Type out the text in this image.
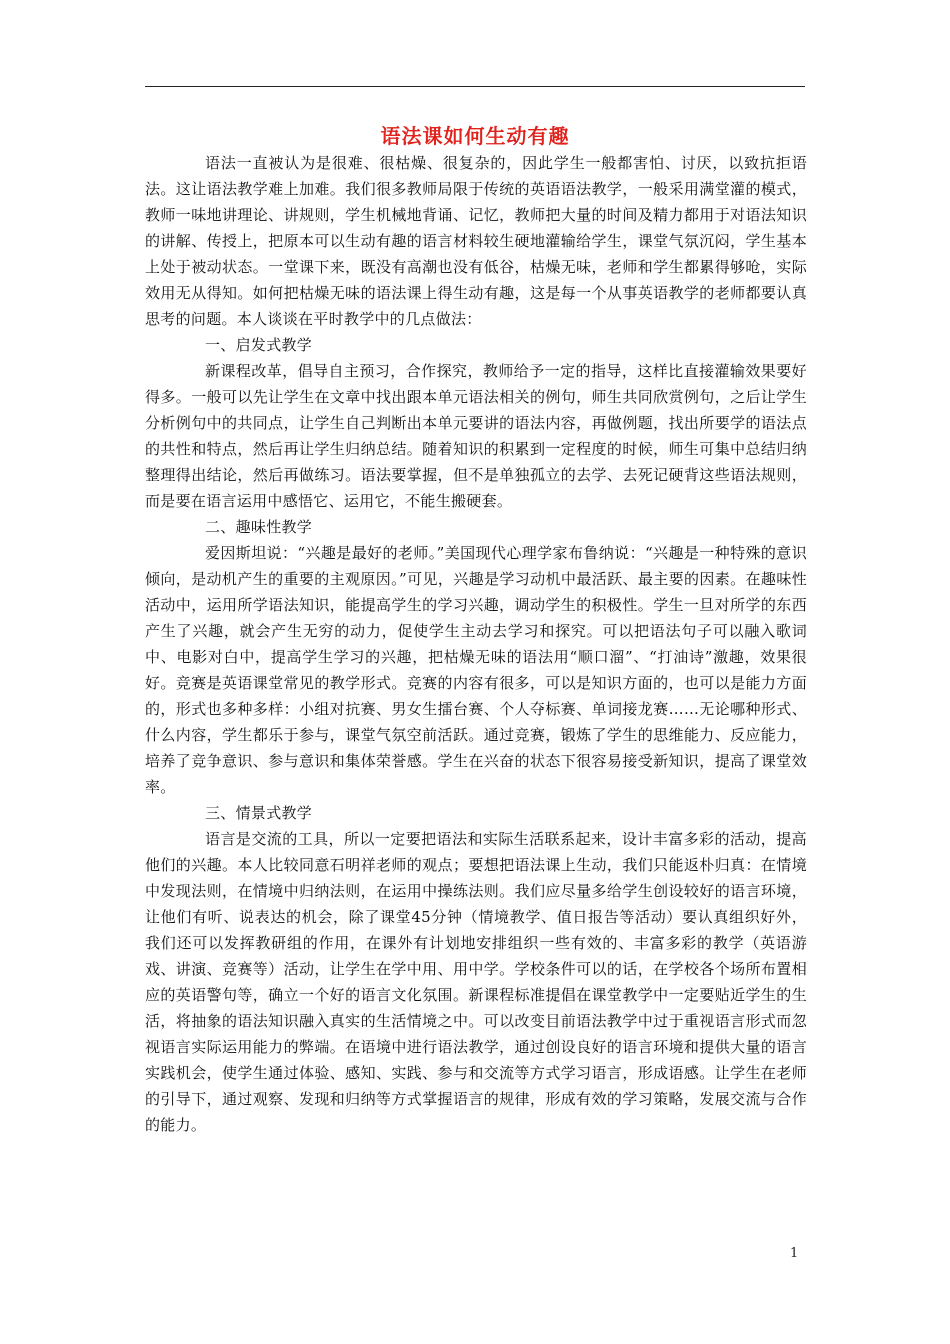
语法课如何生动有趣

语法一直被认为是很难、很枯燥、很复杂的，因此学生一般都害怕、讨厌，以致抗拒语法。这让语法教学难上加难。我们很多教师局限于传统的英语语法教学，一般采用满堂灌的模式，教师一味地讲理论、讲规则，学生机械地背诵、记忆，教师把大量的时间及精力都用于对语法知识的讲解、传授上，把原本可以生动有趣的语言材料较生硬地灌输给学生，课堂气氛沉闷，学生基本上处于被动状态。一堂课下来，既没有高潮也没有低谷，枯燥无味，老师和学生都累得够呛，实际效用无从得知。如何把枯燥无味的语法课上得生动有趣，这是每一个从事英语教学的老师都要认真思考的问题。本人谈谈在平时教学中的几点做法：

一、启发式教学

新课程改革，倡导自主预习，合作探究，教师给予一定的指导，这样比直接灌输效果要好得多。一般可以先让学生在文章中找出跟本单元语法相关的例句，师生共同欣赏例句，之后让学生分析例句中的共同点，让学生自己判断出本单元要讲的语法内容，再做例题，找出所要学的语法点的共性和特点，然后再让学生归纳总结。随着知识的积累到一定程度的时候，师生可集中总结归纳整理得出结论，然后再做练习。语法要掌握，但不是单独孤立的去学、去死记硬背这些语法规则，而是要在语言运用中感悟它、运用它，不能生搬硬套。

二、趣味性教学

爱因斯坦说：“兴趣是最好的老师。”美国现代心理学家布鲁纳说：“兴趣是一种特殊的意识倾向，是动机产生的重要的主观原因。”可见，兴趣是学习动机中最活跃、最主要的因素。在趣味性活动中，运用所学语法知识，能提高学生的学习兴趣，调动学生的积极性。学生一旦对所学的东西产生了兴趣，就会产生无穷的动力，促使学生主动去学习和探究。可以把语法句子可以融入歌词中、电影对白中，提高学生学习的兴趣，把枯燥无味的语法用“顺口溜”、“打油诗”激趣，效果很好。竞赛是英语课堂常见的教学形式。竞赛的内容有很多，可以是知识方面的，也可以是能力方面的，形式也多种多样：小组对抗赛、男女生擂台赛、个人夺标赛、单词接龙赛……无论哪种形式、什么内容，学生都乐于参与，课堂气氛空前活跃。通过竞赛，锻炼了学生的思维能力、反应能力，培养了竞争意识、参与意识和集体荣誉感。学生在兴奋的状态下很容易接受新知识，提高了课堂效率。

三、情景式教学

语言是交流的工具，所以一定要把语法和实际生活联系起来，设计丰富多彩的活动，提高他们的兴趣。本人比较同意石明祥老师的观点；要想把语法课上生动，我们只能返朴归真：在情境中发现法则，在情境中归纳法则，在运用中操练法则。我们应尽量多给学生创设较好的语言环境，让他们有听、说表达的机会，除了课堂45分钟（情境教学、值日报告等活动）要认真组织好外，我们还可以发挥教研组的作用，在课外有计划地安排组织一些有效的、丰富多彩的教学（英语游戏、讲演、竞赛等）活动，让学生在学中用、用中学。学校条件可以的话，在学校各个场所布置相应的英语警句等，确立一个好的语言文化氛围。新课程标准提倡在课堂教学中一定要贴近学生的生活，将抽象的语法知识融入真实的生活情境之中。可以改变目前语法教学中过于重视语言形式而忽视语言实际运用能力的弊端。在语境中进行语法教学，通过创设良好的语言环境和提供大量的语言实践机会，使学生通过体验、感知、实践、参与和交流等方式学习语言，形成语感。让学生在老师的引导下，通过观察、发现和归纳等方式掌握语言的规律，形成有效的学习策略，发展交流与合作的能力。

1
